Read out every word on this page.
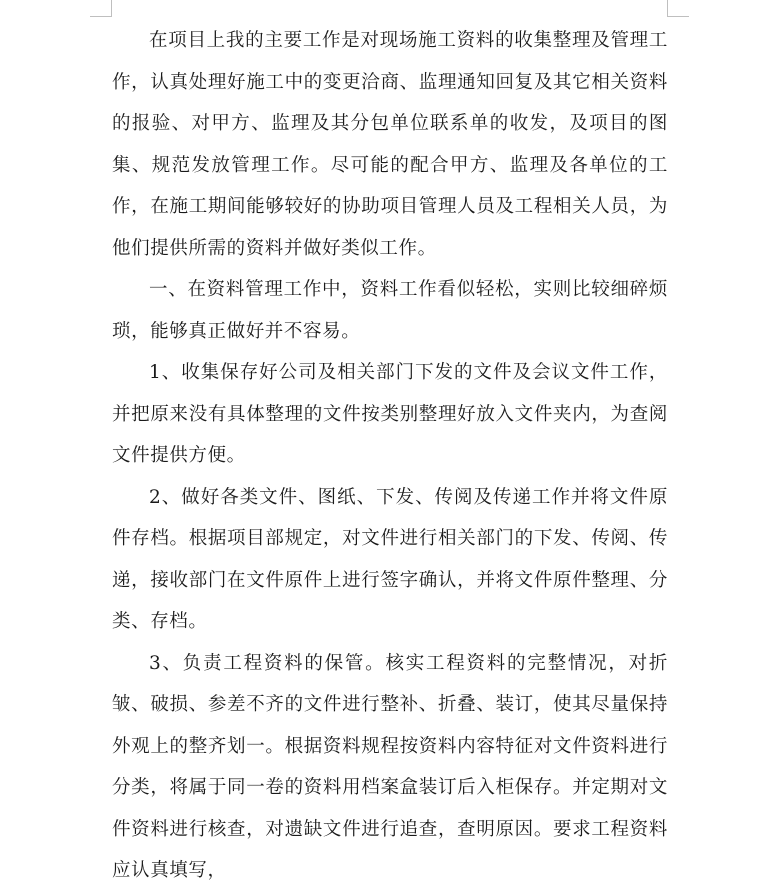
在项目上我的主要工作是对现场施工资料的收集整理及管理工作，认真处理好施工中的变更洽商、监理通知回复及其它相关资料的报验、对甲方、监理及其分包单位联系单的收发，及项目的图集、规范发放管理工作。尽可能的配合甲方、监理及各单位的工作，在施工期间能够较好的协助项目管理人员及工程相关人员，为他们提供所需的资料并做好类似工作。

一、在资料管理工作中，资料工作看似轻松，实则比较细碎烦琐，能够真正做好并不容易。

1、收集保存好公司及相关部门下发的文件及会议文件工作，并把原来没有具体整理的文件按类别整理好放入文件夹内，为查阅文件提供方便。

2、做好各类文件、图纸、下发、传阅及传递工作并将文件原件存档。根据项目部规定，对文件进行相关部门的下发、传阅、传递，接收部门在文件原件上进行签字确认，并将文件原件整理、分类、存档。

3、负责工程资料的保管。核实工程资料的完整情况，对折皱、破损、参差不齐的文件进行整补、折叠、装订，使其尽量保持外观上的整齐划一。根据资料规程按资料内容特征对文件资料进行分类，将属于同一卷的资料用档案盒装订后入柜保存。并定期对文件资料进行核查，对遗缺文件进行追查，查明原因。要求工程资料应认真填写，
